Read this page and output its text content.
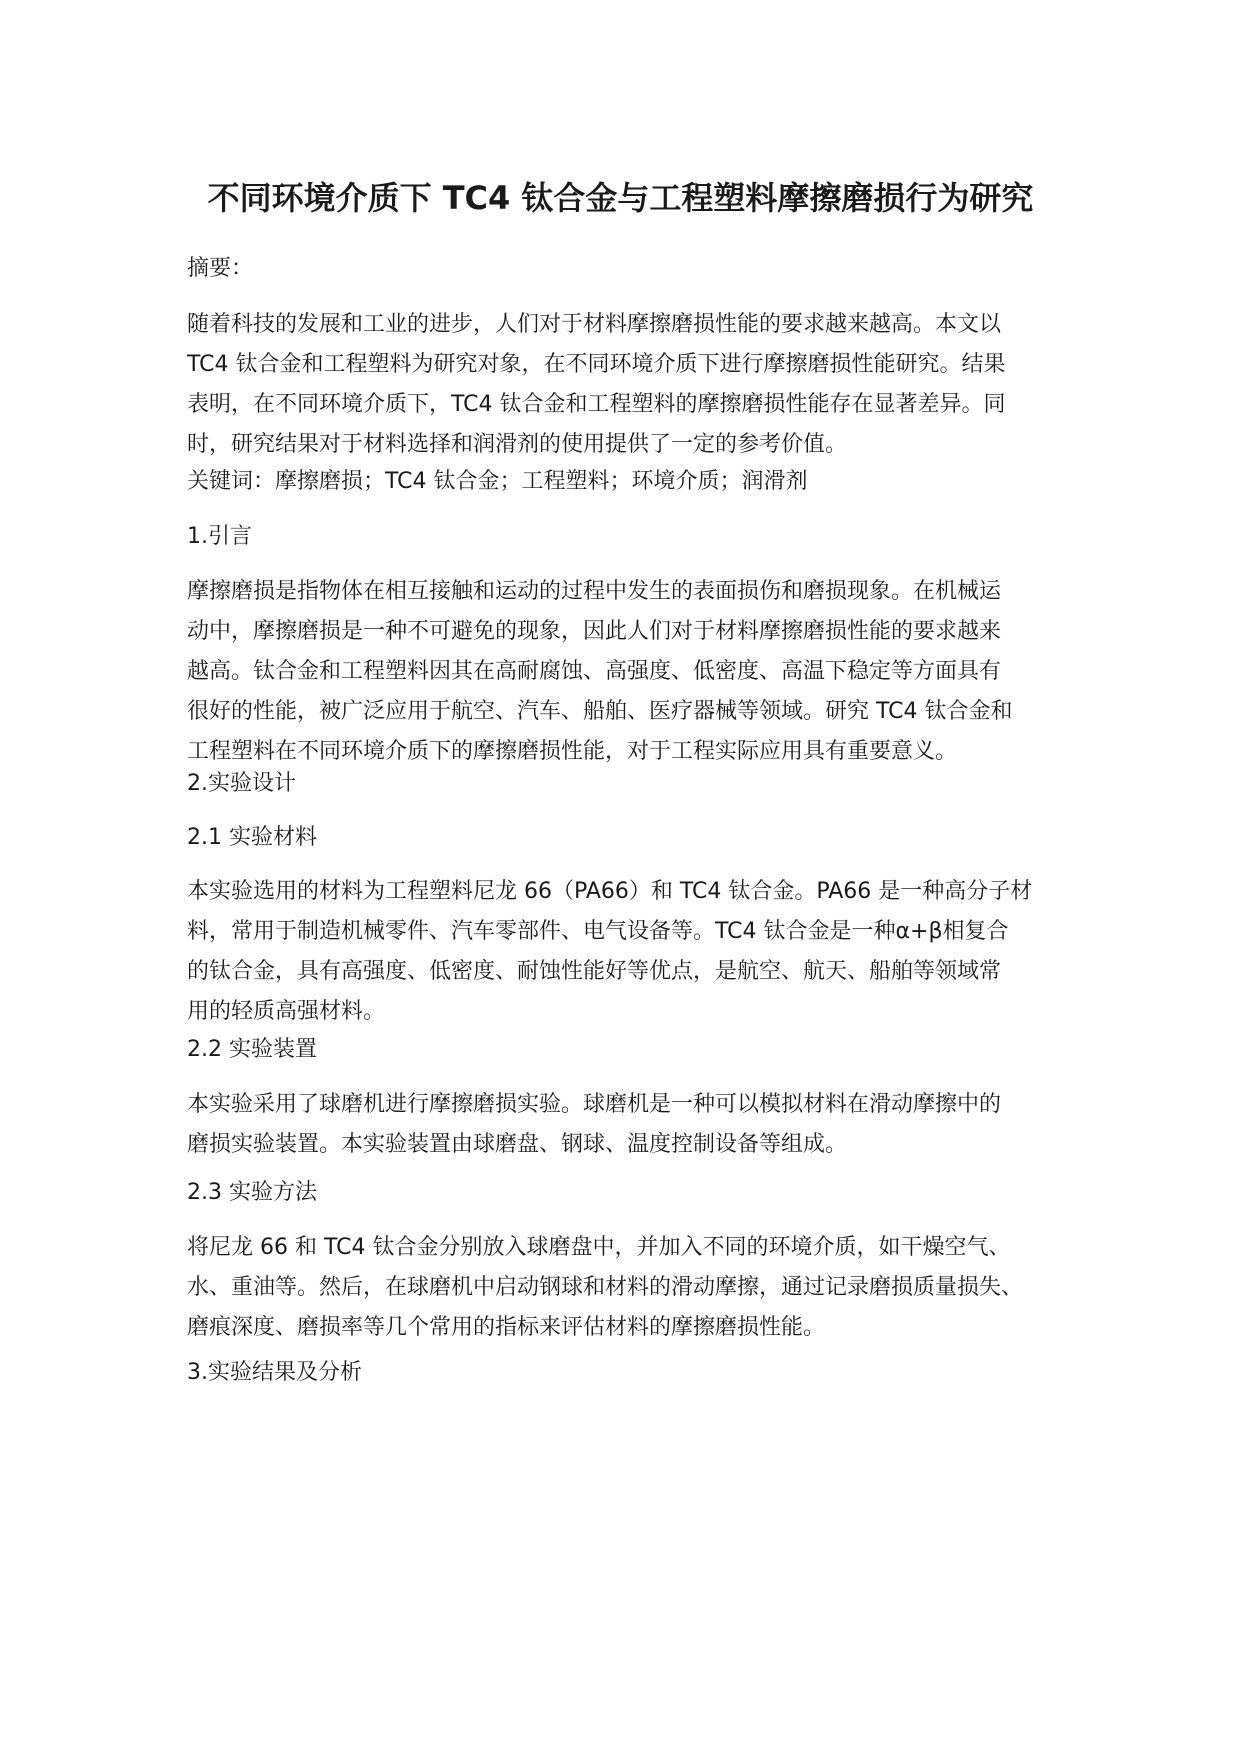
不同环境介质下 TC4 钛合金与工程塑料摩擦磨损行为研究

摘要：

随着科技的发展和工业的进步，人们对于材料摩擦磨损性能的要求越来越高。本文以
TC4 钛合金和工程塑料为研究对象，在不同环境介质下进行摩擦磨损性能研究。结果
表明，在不同环境介质下，TC4 钛合金和工程塑料的摩擦磨损性能存在显著差异。同
时，研究结果对于材料选择和润滑剂的使用提供了一定的参考价值。

关键词：摩擦磨损；TC4 钛合金；工程塑料；环境介质；润滑剂

1.引言

摩擦磨损是指物体在相互接触和运动的过程中发生的表面损伤和磨损现象。在机械运
动中，摩擦磨损是一种不可避免的现象，因此人们对于材料摩擦磨损性能的要求越来
越高。钛合金和工程塑料因其在高耐腐蚀、高强度、低密度、高温下稳定等方面具有
很好的性能，被广泛应用于航空、汽车、船舶、医疗器械等领域。研究 TC4 钛合金和
工程塑料在不同环境介质下的摩擦磨损性能，对于工程实际应用具有重要意义。

2.实验设计

2.1 实验材料

本实验选用的材料为工程塑料尼龙 66（PA66）和 TC4 钛合金。PA66 是一种高分子材
料，常用于制造机械零件、汽车零部件、电气设备等。TC4 钛合金是一种α+β相复合
的钛合金，具有高强度、低密度、耐蚀性能好等优点，是航空、航天、船舶等领域常
用的轻质高强材料。

2.2 实验装置

本实验采用了球磨机进行摩擦磨损实验。球磨机是一种可以模拟材料在滑动摩擦中的
磨损实验装置。本实验装置由球磨盘、钢球、温度控制设备等组成。

2.3 实验方法

将尼龙 66 和 TC4 钛合金分别放入球磨盘中，并加入不同的环境介质，如干燥空气、
水、重油等。然后，在球磨机中启动钢球和材料的滑动摩擦，通过记录磨损质量损失、
磨痕深度、磨损率等几个常用的指标来评估材料的摩擦磨损性能。

3.实验结果及分析
